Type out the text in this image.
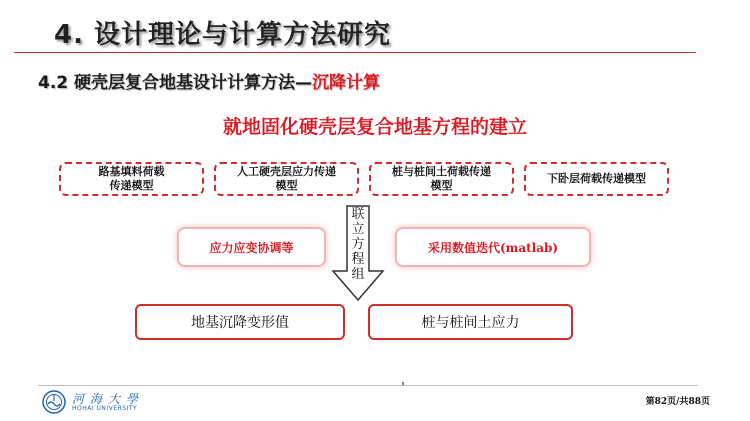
4. 设计理论与计算方法研究
4.2 硬壳层复合地基设计计算方法—沉降计算
就地固化硬壳层复合地基方程的建立
路基填料荷载
传递模型
人工硬壳层应力传递
模型
桩与桩间土荷载传递
模型
下卧层荷载传递模型
应力应变协调等	采用数值迭代(matlab)
联
立
方
程
组
地基沉降变形值	桩与桩间土应力
河海大學
HOHAI UNIVERSITY
第82页/共88页
